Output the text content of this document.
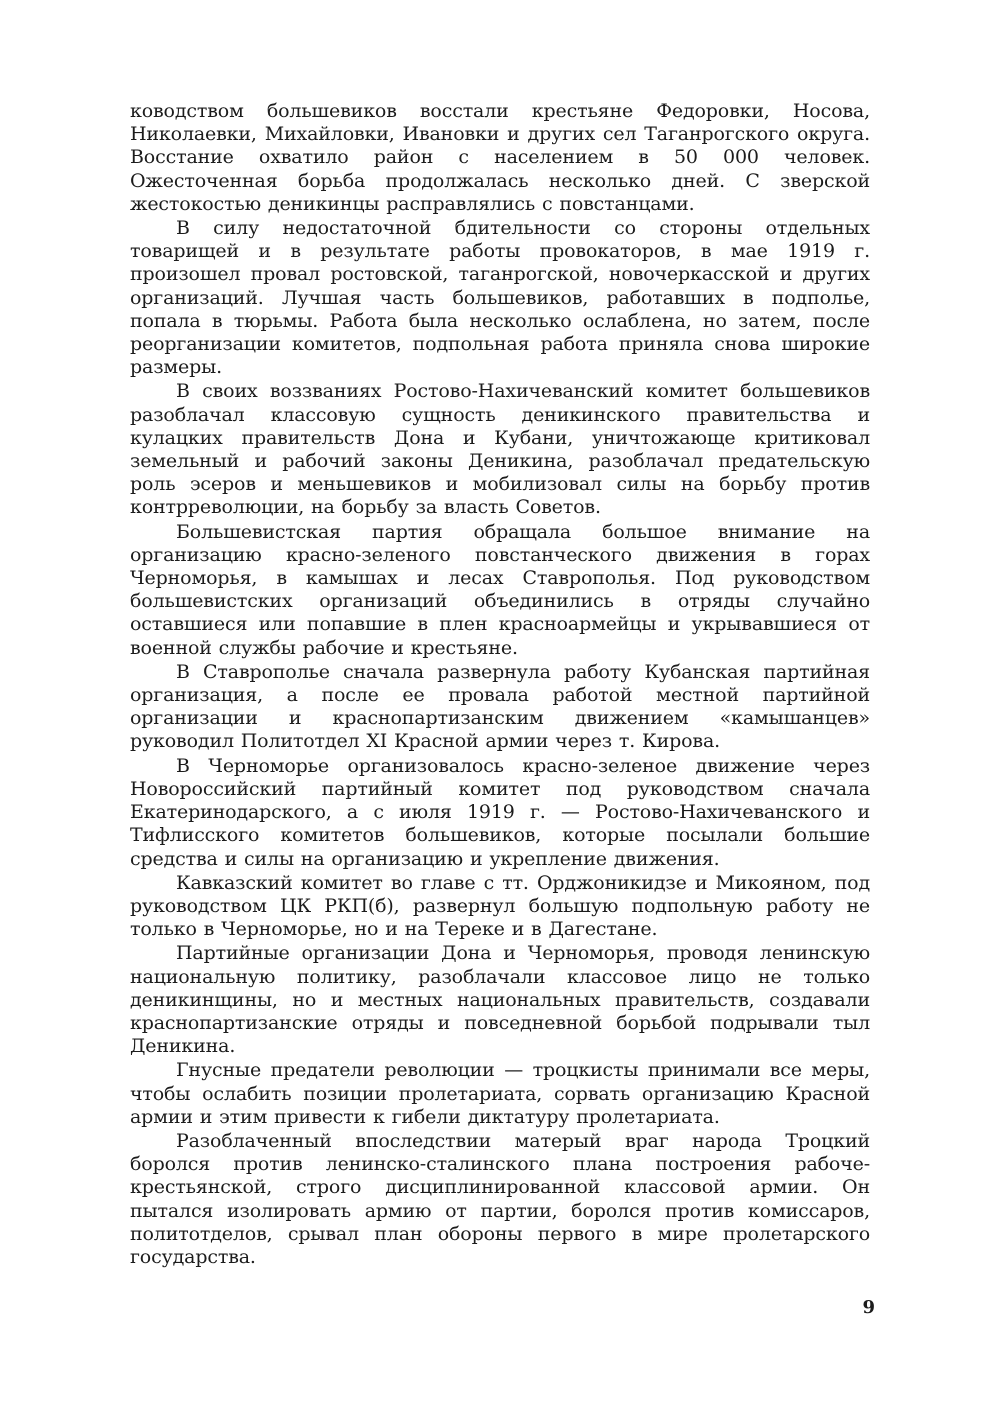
ководством большевиков восстали крестьяне Федоровки, Носова, Николаевки, Михайловки, Ивановки и других сел Таганрогского округа. Восстание охватило район с населением в 50 000 человек. Ожесточенная борьба продолжалась несколько дней. С зверской жестокостью деникинцы расправлялись с повстанцами.

В силу недостаточной бдительности со стороны отдельных товарищей и в результате работы провокаторов, в мае 1919 г. произошел провал ростовской, таганрогской, новочеркасской и других организаций. Лучшая часть большевиков, работавших в подполье, попала в тюрьмы. Работа была несколько ослаблена, но затем, после реорганизации комитетов, подпольная работа приняла снова широкие размеры.

В своих воззваниях Ростово-Нахичеванский комитет большевиков разоблачал классовую сущность деникинского правительства и кулацких правительств Дона и Кубани, уничтожающе критиковал земельный и рабочий законы Деникина, разоблачал предательскую роль эсеров и меньшевиков и мобилизовал силы на борьбу против контрреволюции, на борьбу за власть Советов.

Большевистская партия обращала большое внимание на организацию красно-зеленого повстанческого движения в горах Черноморья, в камышах и лесах Ставрополья. Под руководством большевистских организаций объединились в отряды случайно оставшиеся или попавшие в плен красноармейцы и укрывавшиеся от военной службы рабочие и крестьяне.

В Ставрополье сначала развернула работу Кубанская партийная организация, а после ее провала работой местной партийной организации и краснопартизанским движением «камышанцев» руководил Политотдел XI Красной армии через т. Кирова.

В Черноморье организовалось красно-зеленое движение через Новороссийский партийный комитет под руководством сначала Екатеринодарского, а с июля 1919 г. — Ростово-Нахичеванского и Тифлисского комитетов большевиков, которые посылали большие средства и силы на организацию и укрепление движения.

Кавказский комитет во главе с тт. Орджоникидзе и Микояном, под руководством ЦК РКП(б), развернул большую подпольную работу не только в Черноморье, но и на Тереке и в Дагестане.

Партийные организации Дона и Черноморья, проводя ленинскую национальную политику, разоблачали классовое лицо не только деникинщины, но и местных национальных правительств, создавали краснопартизанские отряды и повседневной борьбой подрывали тыл Деникина.

Гнусные предатели революции — троцкисты принимали все меры, чтобы ослабить позиции пролетариата, сорвать организацию Красной армии и этим привести к гибели диктатуру пролетариата.

Разоблаченный впоследствии матерый враг народа Троцкий боролся против ленинско-сталинского плана построения рабоче-крестьянской, строго дисциплинированной классовой армии. Он пытался изолировать армию от партии, боролся против комиссаров, политотделов, срывал план обороны первого в мире пролетарского государства.

9
